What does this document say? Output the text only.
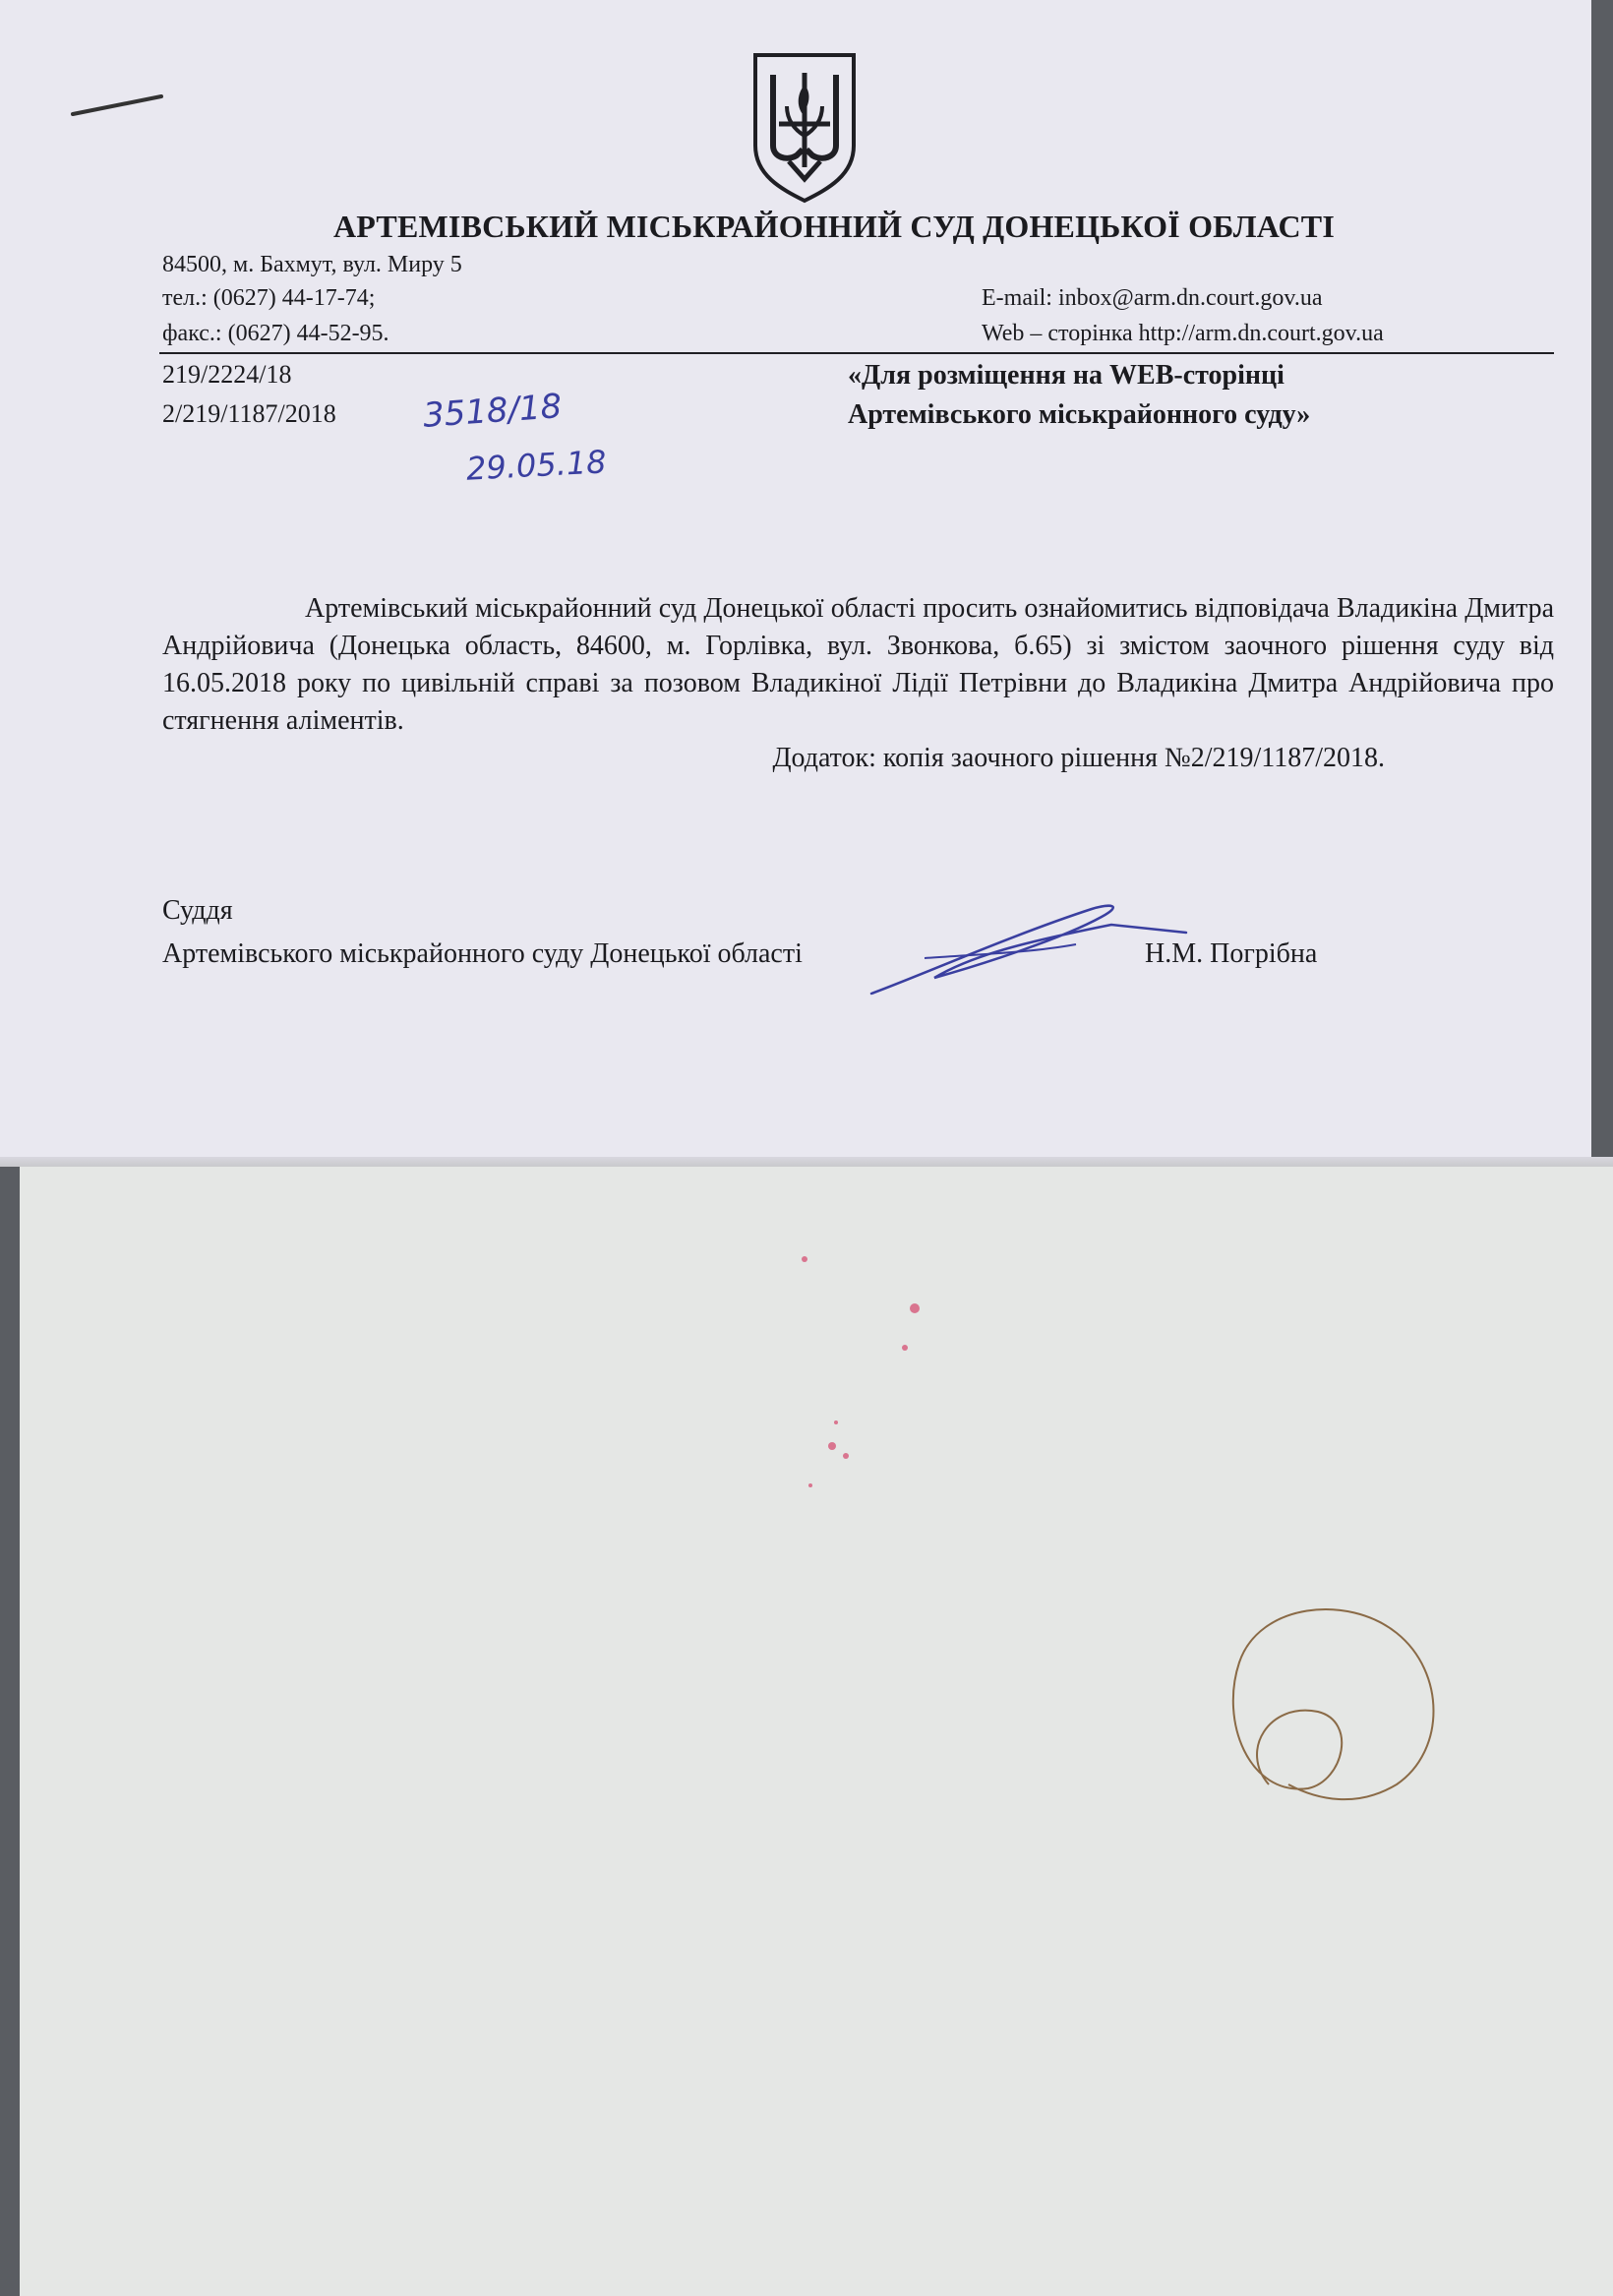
АРТЕМІВСЬКИЙ МІСЬКРАЙОННИЙ СУД ДОНЕЦЬКОЇ ОБЛАСТІ
84500, м. Бахмут, вул. Миру 5
тел.: (0627) 44-17-74;
факс.: (0627) 44-52-95.
E-mail: inbox@arm.dn.court.gov.ua
Web – сторінка http://arm.dn.court.gov.ua
219/2224/18
2/219/1187/2018	3518/18
29.05.18
«Для розміщення на WEB-сторінці
Артемівського міськрайонного суду»
Артемівський міськрайонний суд Донецької області просить ознайомитись відповідача Владикіна Дмитра Андрійовича (Донецька область, 84600, м. Горлівка, вул. Звонкова, б.65) зі змістом заочного рішення суду від 16.05.2018 року по цивільній справі за позовом Владикіної Лідії Петрівни до Владикіна Дмитра Андрійовича про стягнення аліментів.
Додаток: копія заочного рішення №2/219/1187/2018.
Суддя
Артемівського міськрайонного суду Донецької області	Н.М. Погрібна
